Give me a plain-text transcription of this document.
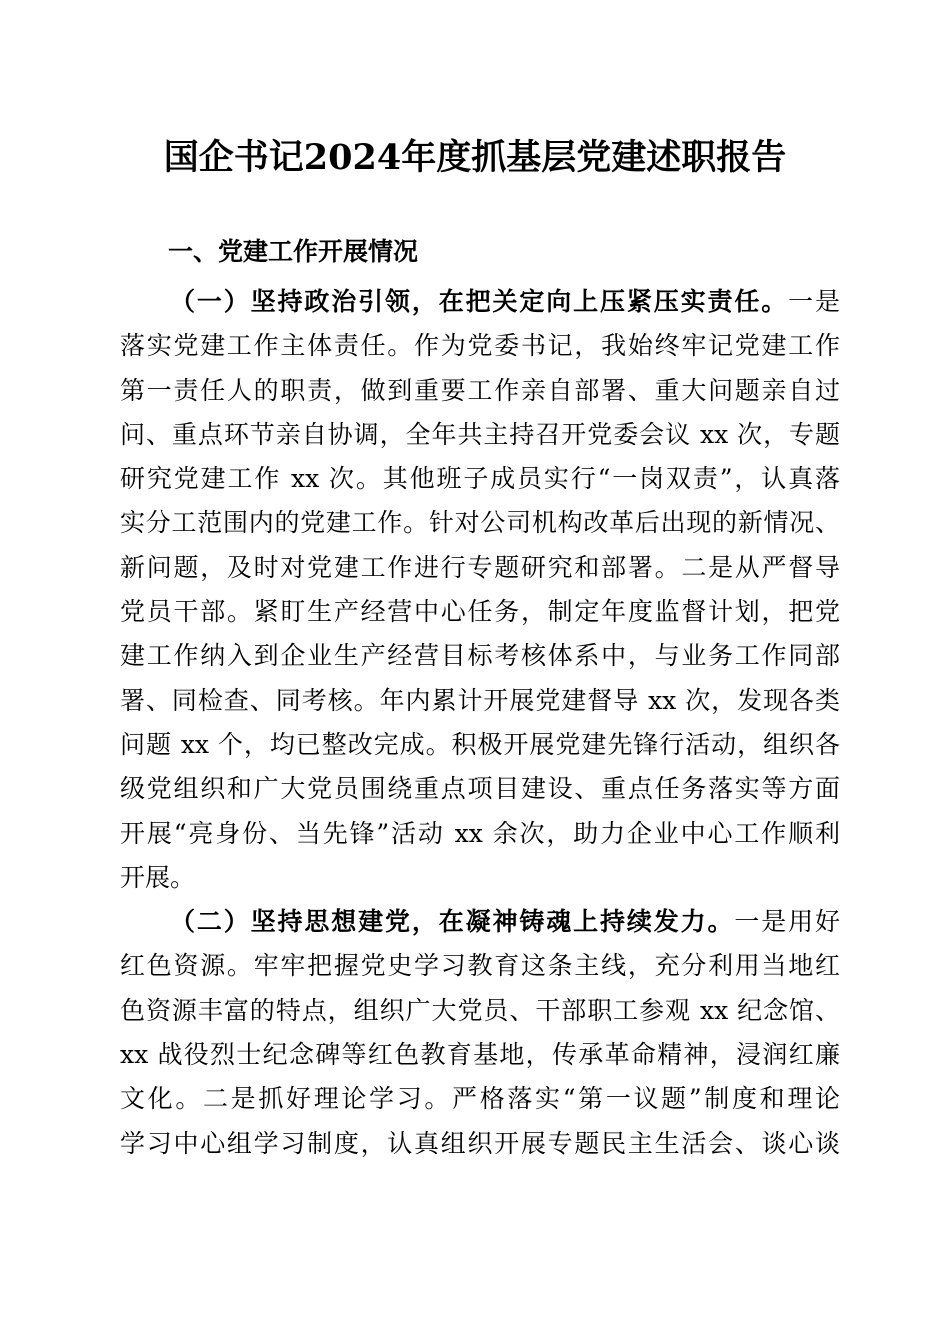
国企书记2024年度抓基层党建述职报告
一、党建工作开展情况
（一）坚持政治引领，在把关定向上压紧压实责任。一是
落实党建工作主体责任。作为党委书记，我始终牢记党建工作
第一责任人的职责，做到重要工作亲自部署、重大问题亲自过
问、重点环节亲自协调，全年共主持召开党委会议 xx 次，专题
研究党建工作 xx 次。其他班子成员实行“一岗双责”，认真落
实分工范围内的党建工作。针对公司机构改革后出现的新情况、
新问题，及时对党建工作进行专题研究和部署。二是从严督导
党员干部。紧盯生产经营中心任务，制定年度监督计划，把党
建工作纳入到企业生产经营目标考核体系中，与业务工作同部
署、同检查、同考核。年内累计开展党建督导 xx 次，发现各类
问题 xx 个，均已整改完成。积极开展党建先锋行活动，组织各
级党组织和广大党员围绕重点项目建设、重点任务落实等方面
开展“亮身份、当先锋”活动 xx 余次，助力企业中心工作顺利
开展。
（二）坚持思想建党，在凝神铸魂上持续发力。一是用好
红色资源。牢牢把握党史学习教育这条主线，充分利用当地红
色资源丰富的特点，组织广大党员、干部职工参观 xx 纪念馆、
xx 战役烈士纪念碑等红色教育基地，传承革命精神，浸润红廉
文化。二是抓好理论学习。严格落实“第一议题”制度和理论
学习中心组学习制度，认真组织开展专题民主生活会、谈心谈
